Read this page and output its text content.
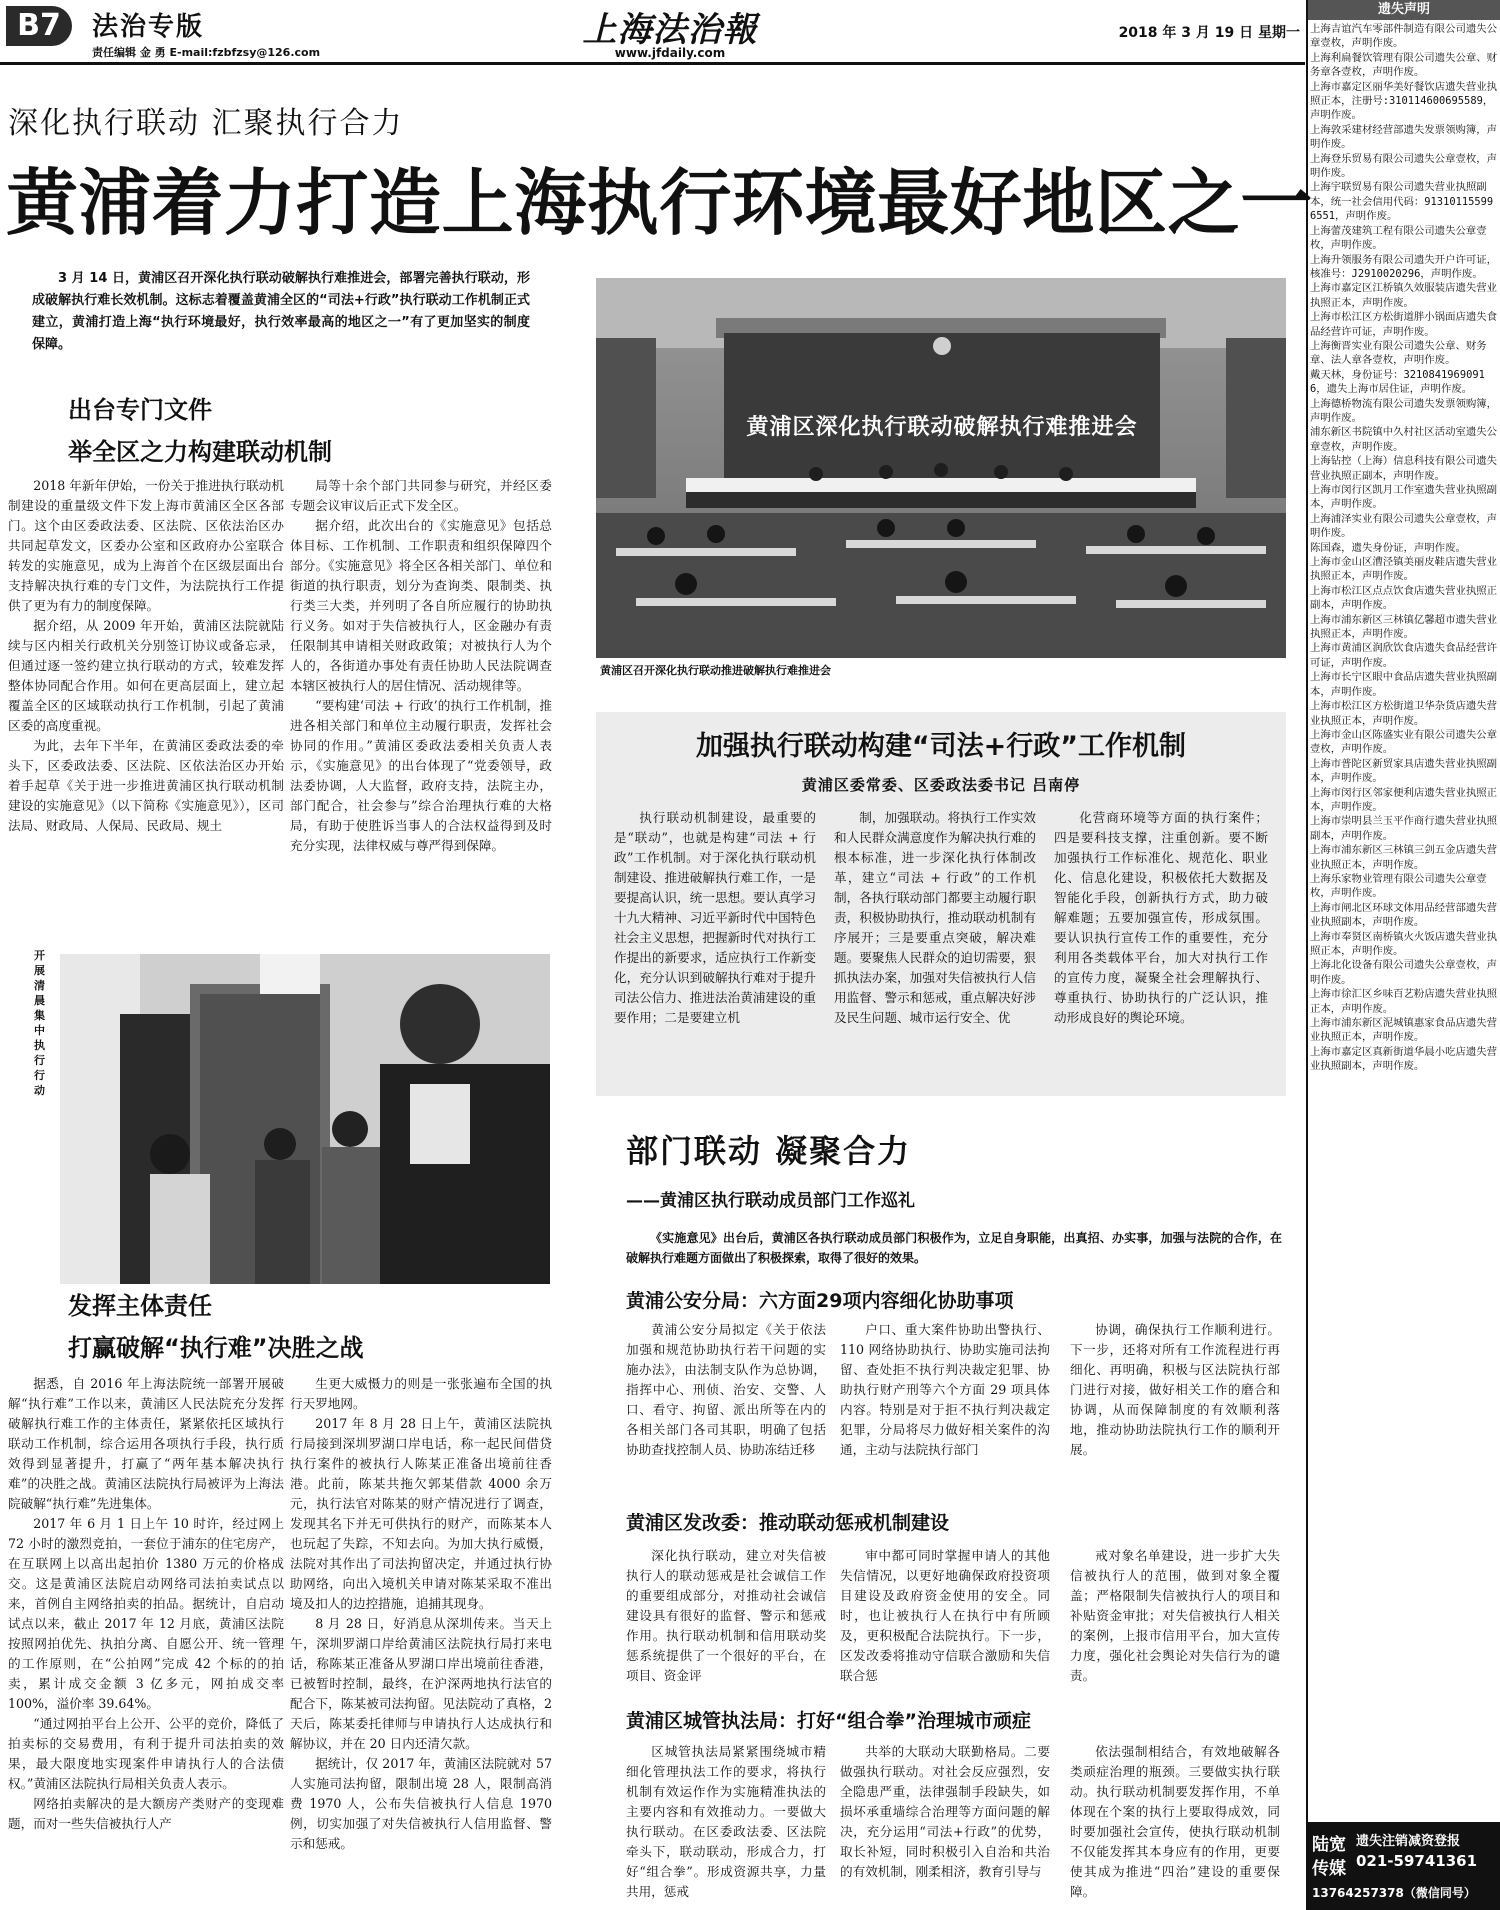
B7	法治专版
责任编辑 金 勇 E-mail:fzbfzsy@126.com
上海法治報
www.jfdaily.com
2018 年 3 月 19 日 星期一
深化执行联动 汇聚执行合力
黄浦着力打造上海执行环境最好地区之一
3 月 14 日，黄浦区召开深化执行联动破解执行难推进会，部署完善执行联动，形成破解执行难长效机制。这标志着覆盖黄浦全区的“司法+行政”执行联动工作机制正式建立，黄浦打造上海“执行环境最好，执行效率最高的地区之一”有了更加坚实的制度保障。
出台专门文件
举全区之力构建联动机制

2018 年新年伊始，一份关于推进执行联动机制建设的重量级文件下发上海市黄浦区全区各部门。这个由区委政法委、区法院、区依法治区办共同起草发文，区委办公室和区政府办公室联合转发的实施意见，成为上海首个在区级层面出台支持解决执行难的专门文件，为法院执行工作提供了更为有力的制度保障。

据介绍，从 2009 年开始，黄浦区法院就陆续与区内相关行政机关分别签订协议或备忘录，但通过逐一签约建立执行联动的方式，较难发挥整体协同配合作用。如何在更高层面上，建立起覆盖全区的区域联动执行工作机制，引起了黄浦区委的高度重视。

为此，去年下半年，在黄浦区委政法委的牵头下，区委政法委、区法院、区依法治区办开始着手起草《关于进一步推进黄浦区执行联动机制建设的实施意见》（以下简称《实施意见》），区司法局、财政局、人保局、民政局、规土

局等十余个部门共同参与研究，并经区委专题会议审议后正式下发全区。

据介绍，此次出台的《实施意见》包括总体目标、工作机制、工作职责和组织保障四个部分。《实施意见》将全区各相关部门、单位和街道的执行职责，划分为查询类、限制类、执行类三大类，并列明了各自所应履行的协助执行义务。如对于失信被执行人，区金融办有责任限制其申请相关财政政策；对被执行人为个人的，各街道办事处有责任协助人民法院调查本辖区被执行人的居住情况、活动规律等。

“要构建‘司法 + 行政’的执行工作机制，推进各相关部门和单位主动履行职责，发挥社会协同的作用。”黄浦区委政法委相关负责人表示，《实施意见》的出台体现了“党委领导，政法委协调，人大监督，政府支持，法院主办，部门配合，社会参与”综合治理执行难的大格局，有助于使胜诉当事人的合法权益得到及时充分实现，法律权威与尊严得到保障。

黄浦区深化执行联动破解执行难推进会
黄浦区召开深化执行联动推进破解执行难推进会
开展清晨集中执行行动
加强执行联动构建“司法+行政”工作机制
黄浦区委常委、区委政法委书记 吕南停

执行联动机制建设，最重要的是“联动”，也就是构建“司法 + 行政”工作机制。对于深化执行联动机制建设、推进破解执行难工作，一是要提高认识，统一思想。要认真学习十九大精神、习近平新时代中国特色社会主义思想，把握新时代对执行工作提出的新要求，适应执行工作新变化，充分认识到破解执行难对于提升司法公信力、推进法治黄浦建设的重要作用；二是要建立机

制，加强联动。将执行工作实效和人民群众满意度作为解决执行难的根本标准，进一步深化执行体制改革，建立“司法 + 行政”的工作机制，各执行联动部门都要主动履行职责，积极协助执行，推动联动机制有序展开；三是要重点突破，解决难题。要聚焦人民群众的迫切需要，狠抓执法办案，加强对失信被执行人信用监督、警示和惩戒，重点解决好涉及民生问题、城市运行安全、优

化营商环境等方面的执行案件；四是要科技支撑，注重创新。要不断加强执行工作标准化、规范化、职业化、信息化建设，积极依托大数据及智能化手段，创新执行方式，助力破解难题；五要加强宣传，形成氛围。要认识执行宣传工作的重要性，充分利用各类载体平台，加大对执行工作的宣传力度，凝聚全社会理解执行、尊重执行、协助执行的广泛认识，推动形成良好的舆论环境。

发挥主体责任
打赢破解“执行难”决胜之战

据悉，自 2016 年上海法院统一部署开展破解“执行难”工作以来，黄浦区人民法院充分发挥破解执行难工作的主体责任，紧紧依托区域执行联动工作机制，综合运用各项执行手段，执行质效得到显著提升，打赢了“两年基本解决执行难”的决胜之战。黄浦区法院执行局被评为上海法院破解“执行难”先进集体。

2017 年 6 月 1 日上午 10 时许，经过网上 72 小时的激烈竞拍，一套位于浦东的住宅房产，在互联网上以高出起拍价 1380 万元的价格成交。这是黄浦区法院启动网络司法拍卖试点以来，首例自主网络拍卖的拍品。据统计，自启动试点以来，截止 2017 年 12 月底，黄浦区法院按照网拍优先、执拍分离、自愿公开、统一管理的工作原则，在“公拍网”完成 42 个标的的拍卖，累计成交金额 3 亿多元，网拍成交率 100%，溢价率 39.64%。

“通过网拍平台上公开、公平的竞价，降低了拍卖标的交易费用，有利于提升司法拍卖的效果，最大限度地实现案件申请执行人的合法债权。”黄浦区法院执行局相关负责人表示。

网络拍卖解决的是大额房产类财产的变现难题，而对一些失信被执行人产

生更大威慑力的则是一张张遍布全国的执行天罗地网。

2017 年 8 月 28 日上午，黄浦区法院执行局接到深圳罗湖口岸电话，称一起民间借贷执行案件的被执行人陈某正准备出境前往香港。此前，陈某共拖欠郭某借款 4000 余万元，执行法官对陈某的财产情况进行了调查，发现其名下并无可供执行的财产，而陈某本人也玩起了失踪，不知去向。为加大执行威慑，法院对其作出了司法拘留决定，并通过执行协助网络，向出入境机关申请对陈某采取不准出境及扣人的边控措施，追捕其现身。

8 月 28 日，好消息从深圳传来。当天上午，深圳罗湖口岸给黄浦区法院执行局打来电话，称陈某正准备从罗湖口岸出境前往香港，已被暂时控制，最终，在沪深两地执行法官的配合下，陈某被司法拘留。见法院动了真格，2 天后，陈某委托律师与申请执行人达成执行和解协议，并在 20 日内还清欠款。

据统计，仅 2017 年，黄浦区法院就对 57 人实施司法拘留，限制出境 28 人，限制高消费 1970 人，公布失信被执行人信息 1970 例，切实加强了对失信被执行人信用监督、警示和惩戒。

部门联动 凝聚合力
——黄浦区执行联动成员部门工作巡礼
《实施意见》出台后，黄浦区各执行联动成员部门积极作为，立足自身职能，出真招、办实事，加强与法院的合作，在破解执行难题方面做出了积极探索，取得了很好的效果。
黄浦公安分局：六方面29项内容细化协助事项

黄浦公安分局拟定《关于依法加强和规范协助执行若干问题的实施办法》，由法制支队作为总协调，指挥中心、刑侦、治安、交警、人口、看守、拘留、派出所等在内的各相关部门各司其职，明确了包括协助查找控制人员、协助冻结迁移

户口、重大案件协助出警执行、110 网络协助执行、协助实施司法拘留、查处拒不执行判决裁定犯罪、协助执行财产刑等六个方面 29 项具体内容。特别是对于拒不执行判决裁定犯罪，分局将尽力做好相关案件的沟通，主动与法院执行部门

协调，确保执行工作顺利进行。下一步，还将对所有工作流程进行再细化、再明确，积极与区法院执行部门进行对接，做好相关工作的磨合和协调，从而保障制度的有效顺利落地，推动协助法院执行工作的顺利开展。

黄浦区发改委：推动联动惩戒机制建设

深化执行联动，建立对失信被执行人的联动惩戒是社会诚信工作的重要组成部分，对推动社会诚信建设具有很好的监督、警示和惩戒作用。执行联动机制和信用联动奖惩系统提供了一个很好的平台，在项目、资金评

审中都可同时掌握申请人的其他失信情况，以更好地确保政府投资项目建设及政府资金使用的安全。同时，也让被执行人在执行中有所顾及，更积极配合法院执行。下一步，区发改委将推动守信联合激励和失信联合惩

戒对象名单建设，进一步扩大失信被执行人的范围，做到对象全覆盖；严格限制失信被执行人的项目和补贴资金审批；对失信被执行人相关的案例，上报市信用平台，加大宣传力度，强化社会舆论对失信行为的谴责。

黄浦区城管执法局：打好“组合拳”治理城市顽症

区城管执法局紧紧围绕城市精细化管理执法工作的要求，将执行机制有效运作作为实施精准执法的主要内容和有效推动力。一要做大执行联动。在区委政法委、区法院牵头下，联动联动，形成合力，打好“组合拳”。形成资源共享，力量共用，惩戒

共举的大联动大联勤格局。二要做强执行联动。对社会反应强烈，安全隐患严重，法律强制手段缺失，如损坏承重墙综合治理等方面问题的解决，充分运用“司法+行政”的优势，取长补短，同时积极引入自治和共治的有效机制，刚柔相济，教育引导与

依法强制相结合，有效地破解各类顽症治理的瓶颈。三要做实执行联动。执行联动机制要发挥作用，不单体现在个案的执行上要取得成效，同时要加强社会宣传，使执行联动机制不仅能发挥其本身应有的作用，更要使其成为推进“四治”建设的重要保障。

遗失声明
上海吉谊汽车零部件制造有限公司遗失公章壹枚，声明作废。
上海利扁餐饮管理有限公司遗失公章、财务章各壹枚，声明作废。
上海市嘉定区丽华美好餐饮店遗失营业执照正本，注册号:310114600695589，声明作废。
上海敦采建材经营部遗失发票领购簿，声明作废。
上海登乐贸易有限公司遗失公章壹枚，声明作废。
上海宇联贸易有限公司遗失营业执照副本，统一社会信用代码：913101155996551，声明作废。
上海蕾茂建筑工程有限公司遗失公章壹枚，声明作废。
上海升领服务有限公司遗失开户许可证，核准号：J2910020296，声明作废。
上海市嘉定区江桥镇久效服装店遗失营业执照正本，声明作废。
上海市松江区方松街道胖小锅面店遗失食品经营许可证，声明作废。
上海衡晋实业有限公司遗失公章、财务章、法人章各壹枚，声明作废。
戴天林，身份证号：32108419690916，遗失上海市居住证，声明作废。
上海德桥物流有限公司遗失发票领购簿，声明作废。
浦东新区书院镇中久村社区活动室遗失公章壹枚，声明作废。
上海钻控（上海）信息科技有限公司遗失营业执照正副本，声明作废。
上海市闵行区凯月工作室遗失营业执照副本，声明作废。
上海浦泽实业有限公司遗失公章壹枚，声明作废。
陈国森，遗失身份证，声明作废。
上海市金山区漕泾镇美丽皮鞋店遗失营业执照正本，声明作废。
上海市松江区点点饮食店遗失营业执照正副本，声明作废。
上海市浦东新区三林镇亿馨超市遗失营业执照正本，声明作废。
上海市黄浦区润欣饮食店遗失食品经营许可证，声明作废。
上海市长宁区眼中食品店遗失营业执照副本，声明作废。
上海市松江区方松街道卫华杂货店遗失营业执照正本，声明作废。
上海市金山区陈盛实业有限公司遗失公章壹枚，声明作废。
上海市普陀区新贸家具店遗失营业执照副本，声明作废。
上海市闵行区邻家便利店遗失营业执照正本，声明作废。
上海市崇明县兰玉平作商行遗失营业执照副本，声明作废。
上海市浦东新区三林镇三剑五金店遗失营业执照正本，声明作废。
上海乐家物业管理有限公司遗失公章壹枚，声明作废。
上海市闸北区环球文体用品经营部遗失营业执照副本，声明作废。
上海市奉贤区南桥镇火火饭店遗失营业执照正本，声明作废。
上海北化设备有限公司遗失公章壹枚，声明作废。
上海市徐汇区乡味百艺粉店遗失营业执照正本，声明作废。
上海市浦东新区泥城镇惠家食品店遗失营业执照正本，声明作废。
上海市嘉定区真新街道华晨小吃店遗失营业执照副本，声明作废。
陆宽
传媒
遗失注销减资登报
021-59741361
13764257378（微信同号）
